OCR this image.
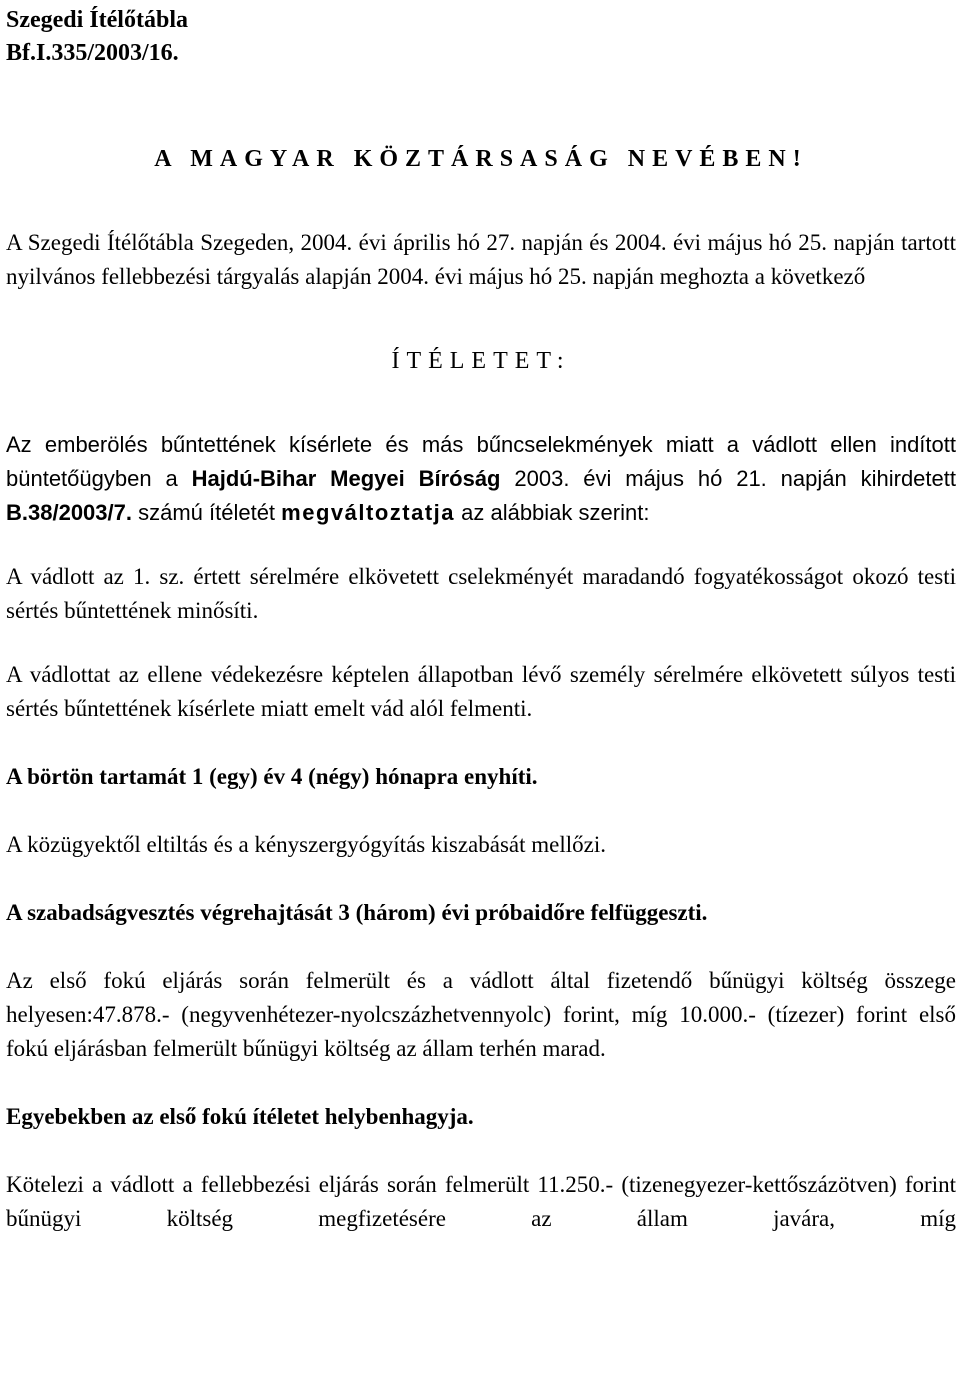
Szegedi Ítélőtábla

Bf.I.335/2003/16.

A MAGYAR KÖZTÁRSASÁG NEVÉBEN!

A Szegedi Ítélőtábla Szegeden, 2004. évi április hó 27. napján és 2004. évi május hó 25. napján tartott nyilvános fellebbezési tárgyalás alapján 2004. évi május hó 25. napján meghozta a következő

ÍTÉLETET:

Az emberölés bűntettének kísérlete és más bűncselekmények miatt a vádlott ellen indított büntetőügyben a Hajdú-Bihar Megyei Bíróság 2003. évi május hó 21. napján kihirdetett B.38/2003/7. számú ítéletét megváltoztatja az alábbiak szerint:

A vádlott az 1. sz. értett sérelmére elkövetett cselekményét maradandó fogyatékosságot okozó testi sértés bűntettének minősíti.

A vádlottat az ellene védekezésre képtelen állapotban lévő személy sérelmére elkövetett súlyos testi sértés bűntettének kísérlete miatt emelt vád alól felmenti.

A börtön tartamát 1 (egy) év 4 (négy) hónapra enyhíti.

A közügyektől eltiltás és a kényszergyógyítás kiszabását mellőzi.

A szabadságvesztés végrehajtását 3 (három) évi próbaidőre felfüggeszti.

Az első fokú eljárás során felmerült és a vádlott által fizetendő bűnügyi költség összege helyesen:47.878.- (negyvenhétezer-nyolcszázhetvennyolc) forint, míg 10.000.- (tízezer) forint első fokú eljárásban felmerült bűnügyi költség az állam terhén marad.

Egyebekben az első fokú ítéletet helybenhagyja.

Kötelezi a vádlott a fellebbezési eljárás során felmerült 11.250.- (tizenegyezer-kettőszázötven) forint bűnügyi költség megfizetésére az állam javára, míg
